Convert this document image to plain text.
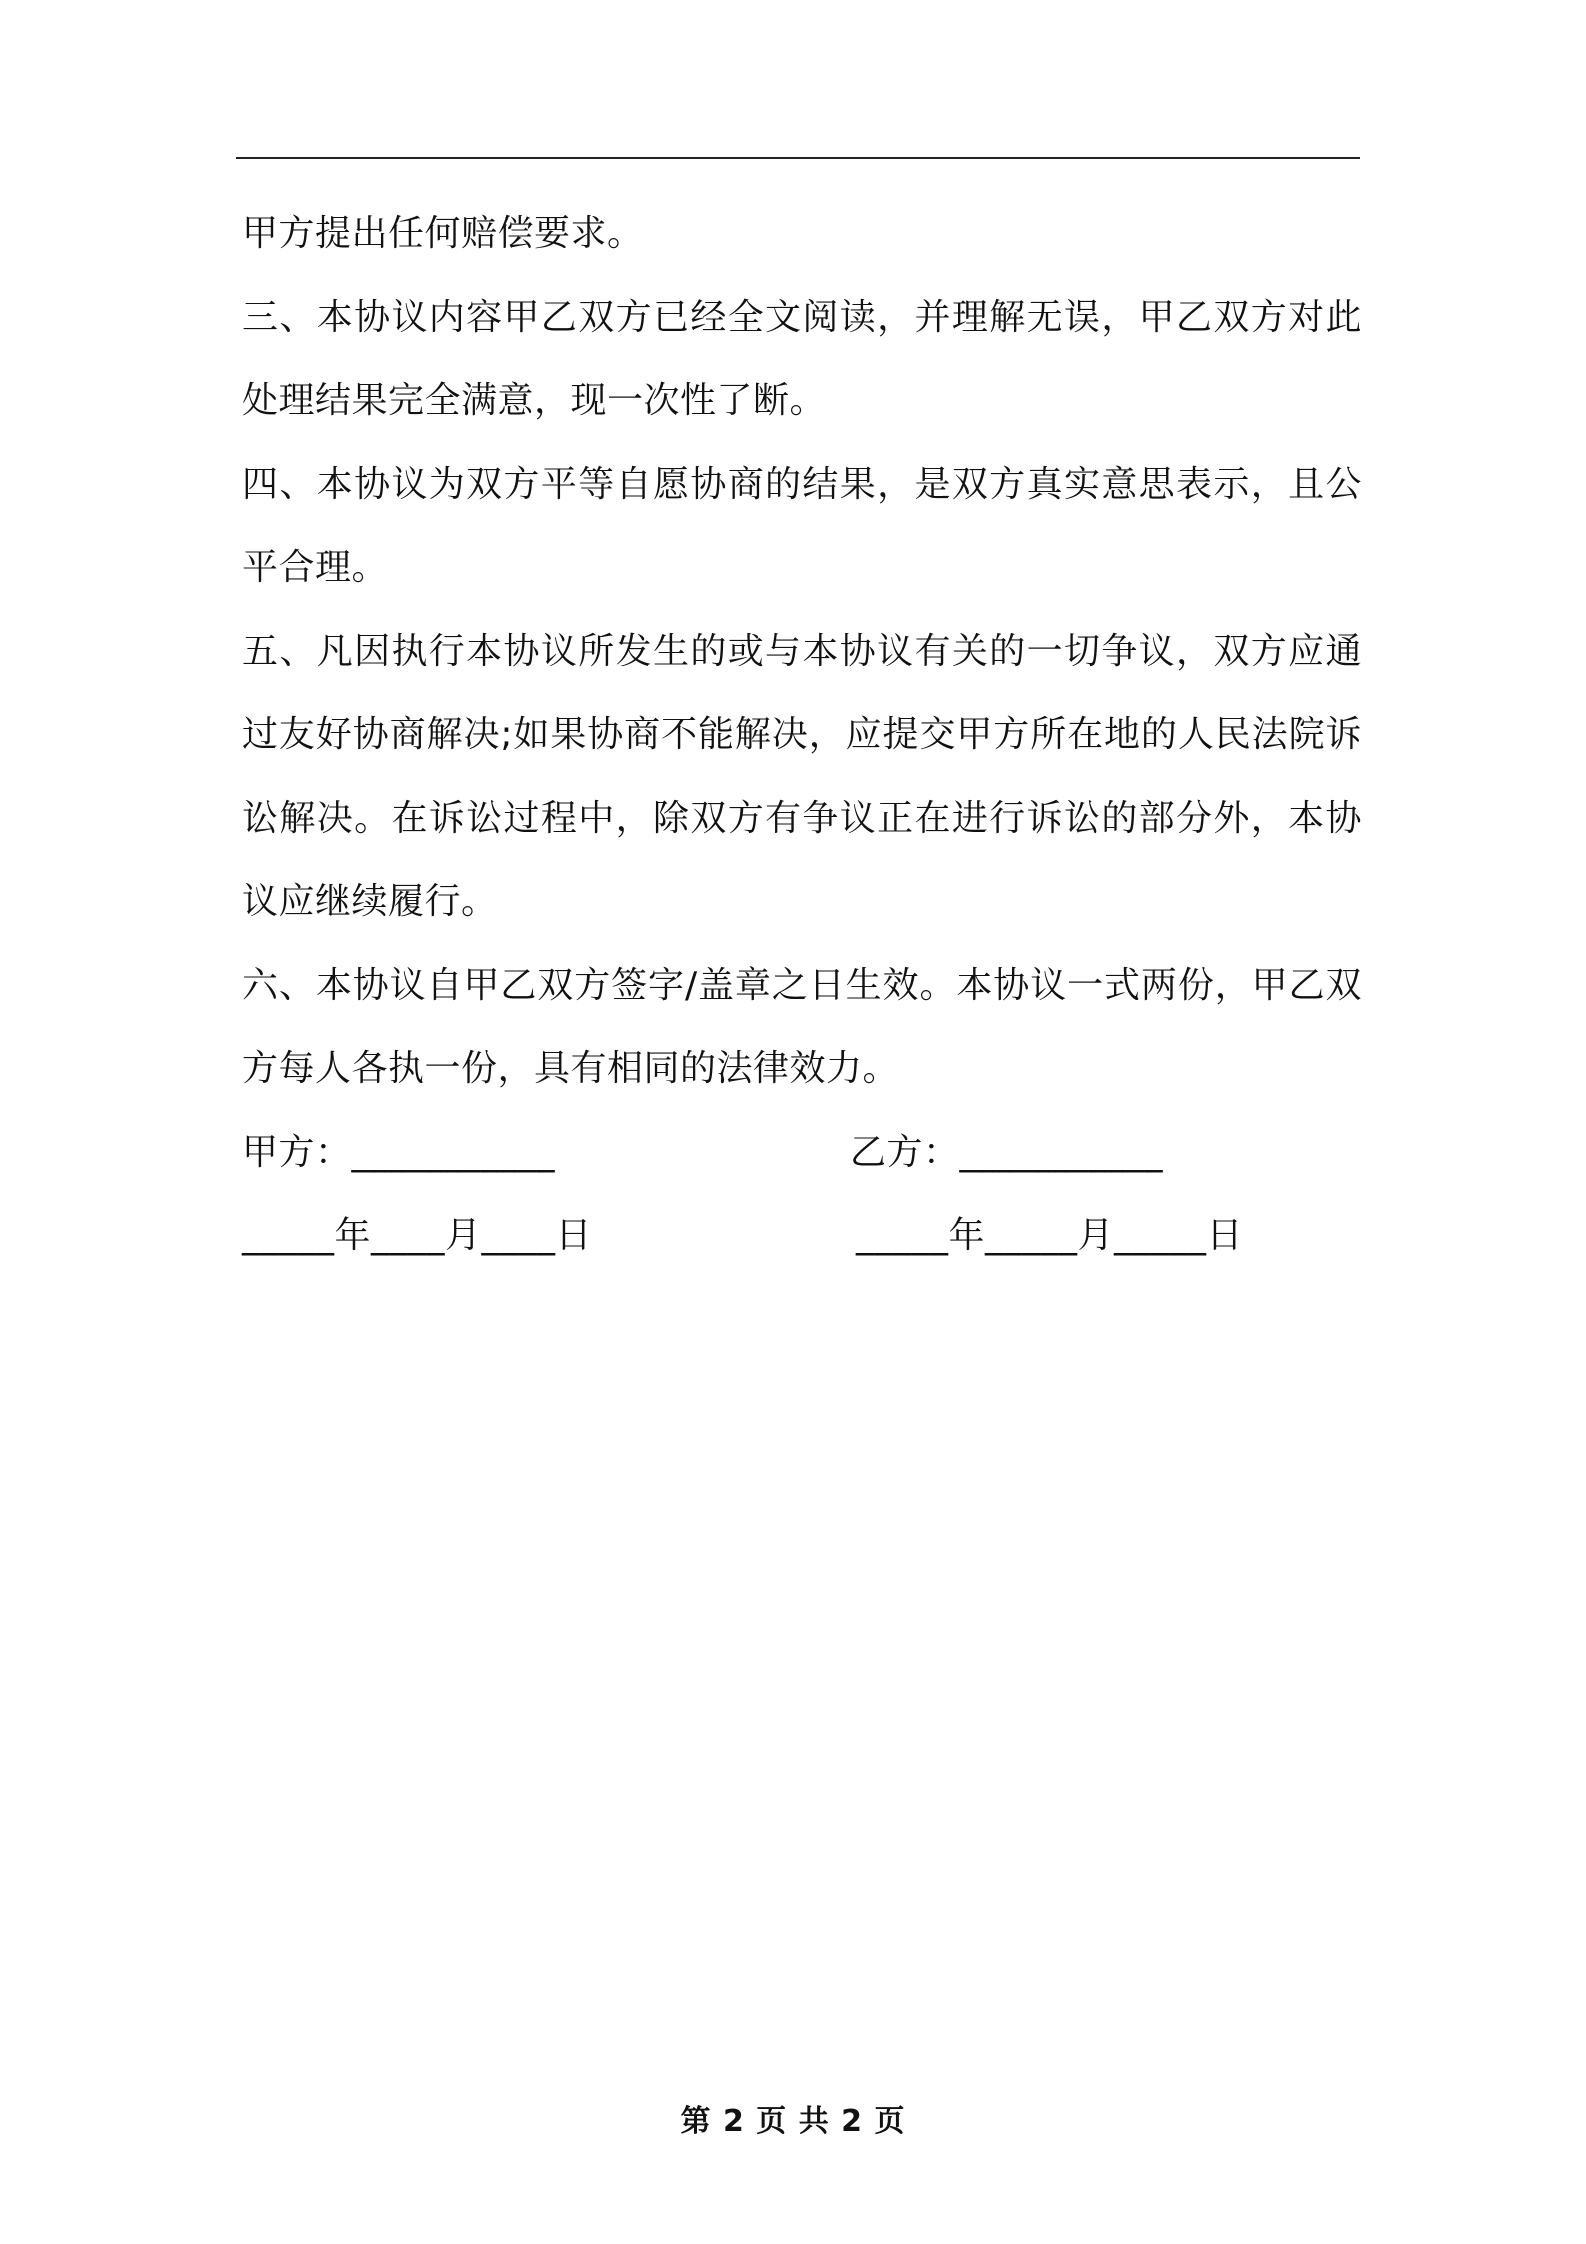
甲方提出任何赔偿要求。

三、本协议内容甲乙双方已经全文阅读，并理解无误，甲乙双方对此处理结果完全满意，现一次性了断。

四、本协议为双方平等自愿协商的结果，是双方真实意思表示，且公平合理。

五、凡因执行本协议所发生的或与本协议有关的一切争议，双方应通过友好协商解决;如果协商不能解决，应提交甲方所在地的人民法院诉讼解决。在诉讼过程中，除双方有争议正在进行诉讼的部分外，本协议应继续履行。

六、本协议自甲乙双方签字/盖章之日生效。本协议一式两份，甲乙双方每人各执一份，具有相同的法律效力。

甲方：___________

	乙方：___________

_____年____月____日

	_____年_____月_____日

第 2 页 共 2 页
